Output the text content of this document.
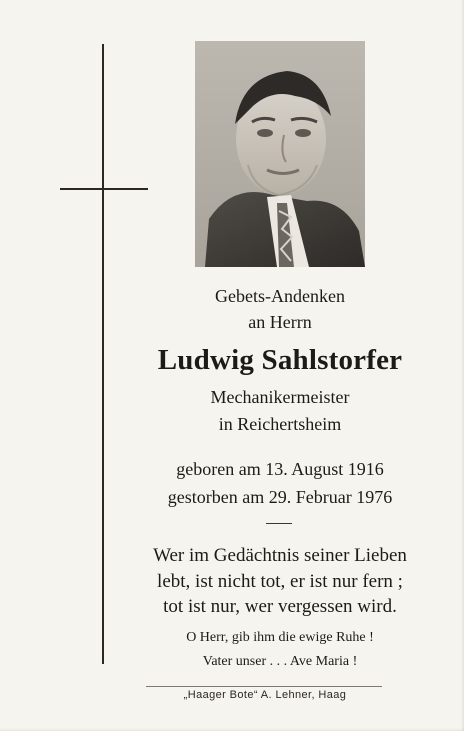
Gebets-Andenken
an Herrn
Ludwig Sahlstorfer
Mechanikermeister
in Reichertsheim
geboren am 13. August 1916
gestorben am 29. Februar 1976
Wer im Gedächtnis seiner Lieben
lebt, ist nicht tot, er ist nur fern ;
tot ist nur, wer vergessen wird.
O Herr, gib ihm die ewige Ruhe !
Vater unser . . . Ave Maria !
„Haager Bote“ A. Lehner, Haag
